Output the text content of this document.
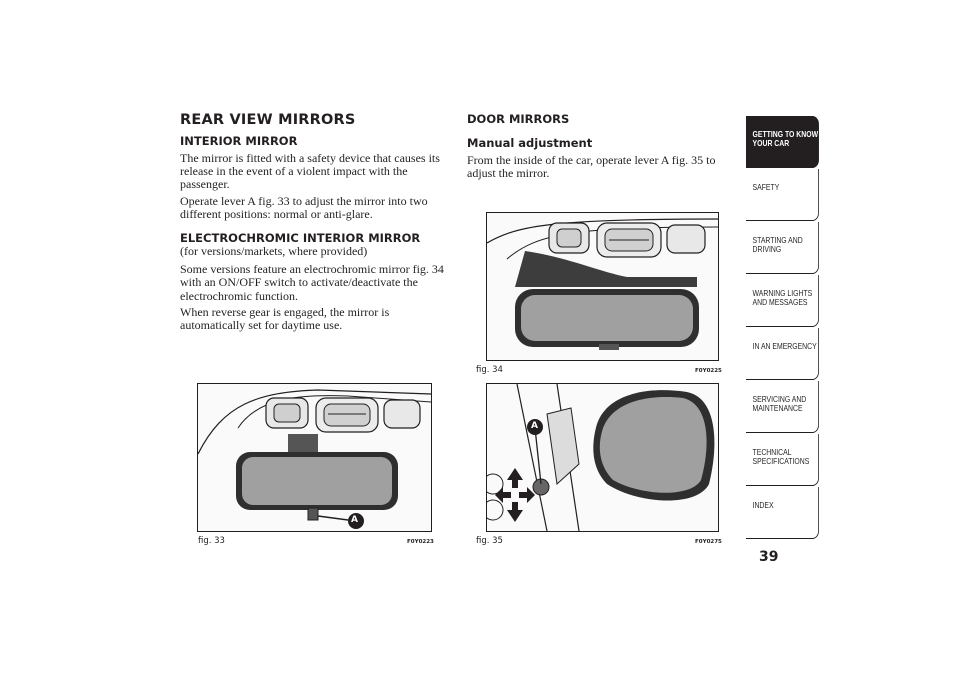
REAR VIEW MIRRORS
INTERIOR MIRROR

The mirror is fitted with a safety device that causes its release in the event of a violent impact with the passenger.

Operate lever A fig. 33 to adjust the mirror into two different positions: normal or anti-glare.

ELECTROCHROMIC INTERIOR MIRROR

(for versions/markets, where provided)

Some versions feature an electrochromic mirror fig. 34 with an ON/OFF switch to activate/deactivate the electrochromic function.

When reverse gear is engaged, the mirror is automatically set for daytime use.

DOOR MIRRORS
Manual adjustment

From the inside of the car, operate lever A fig. 35 to adjust the mirror.

A
fig. 33	F0Y0223
fig. 34	F0Y0225
A
fig. 35	F0Y0275
GETTING TO KNOW YOUR CAR
SAFETY
STARTING AND DRIVING
WARNING LIGHTS AND MESSAGES
IN AN EMERGENCY
SERVICING AND MAINTENANCE
TECHNICAL SPECIFICATIONS
INDEX
39
